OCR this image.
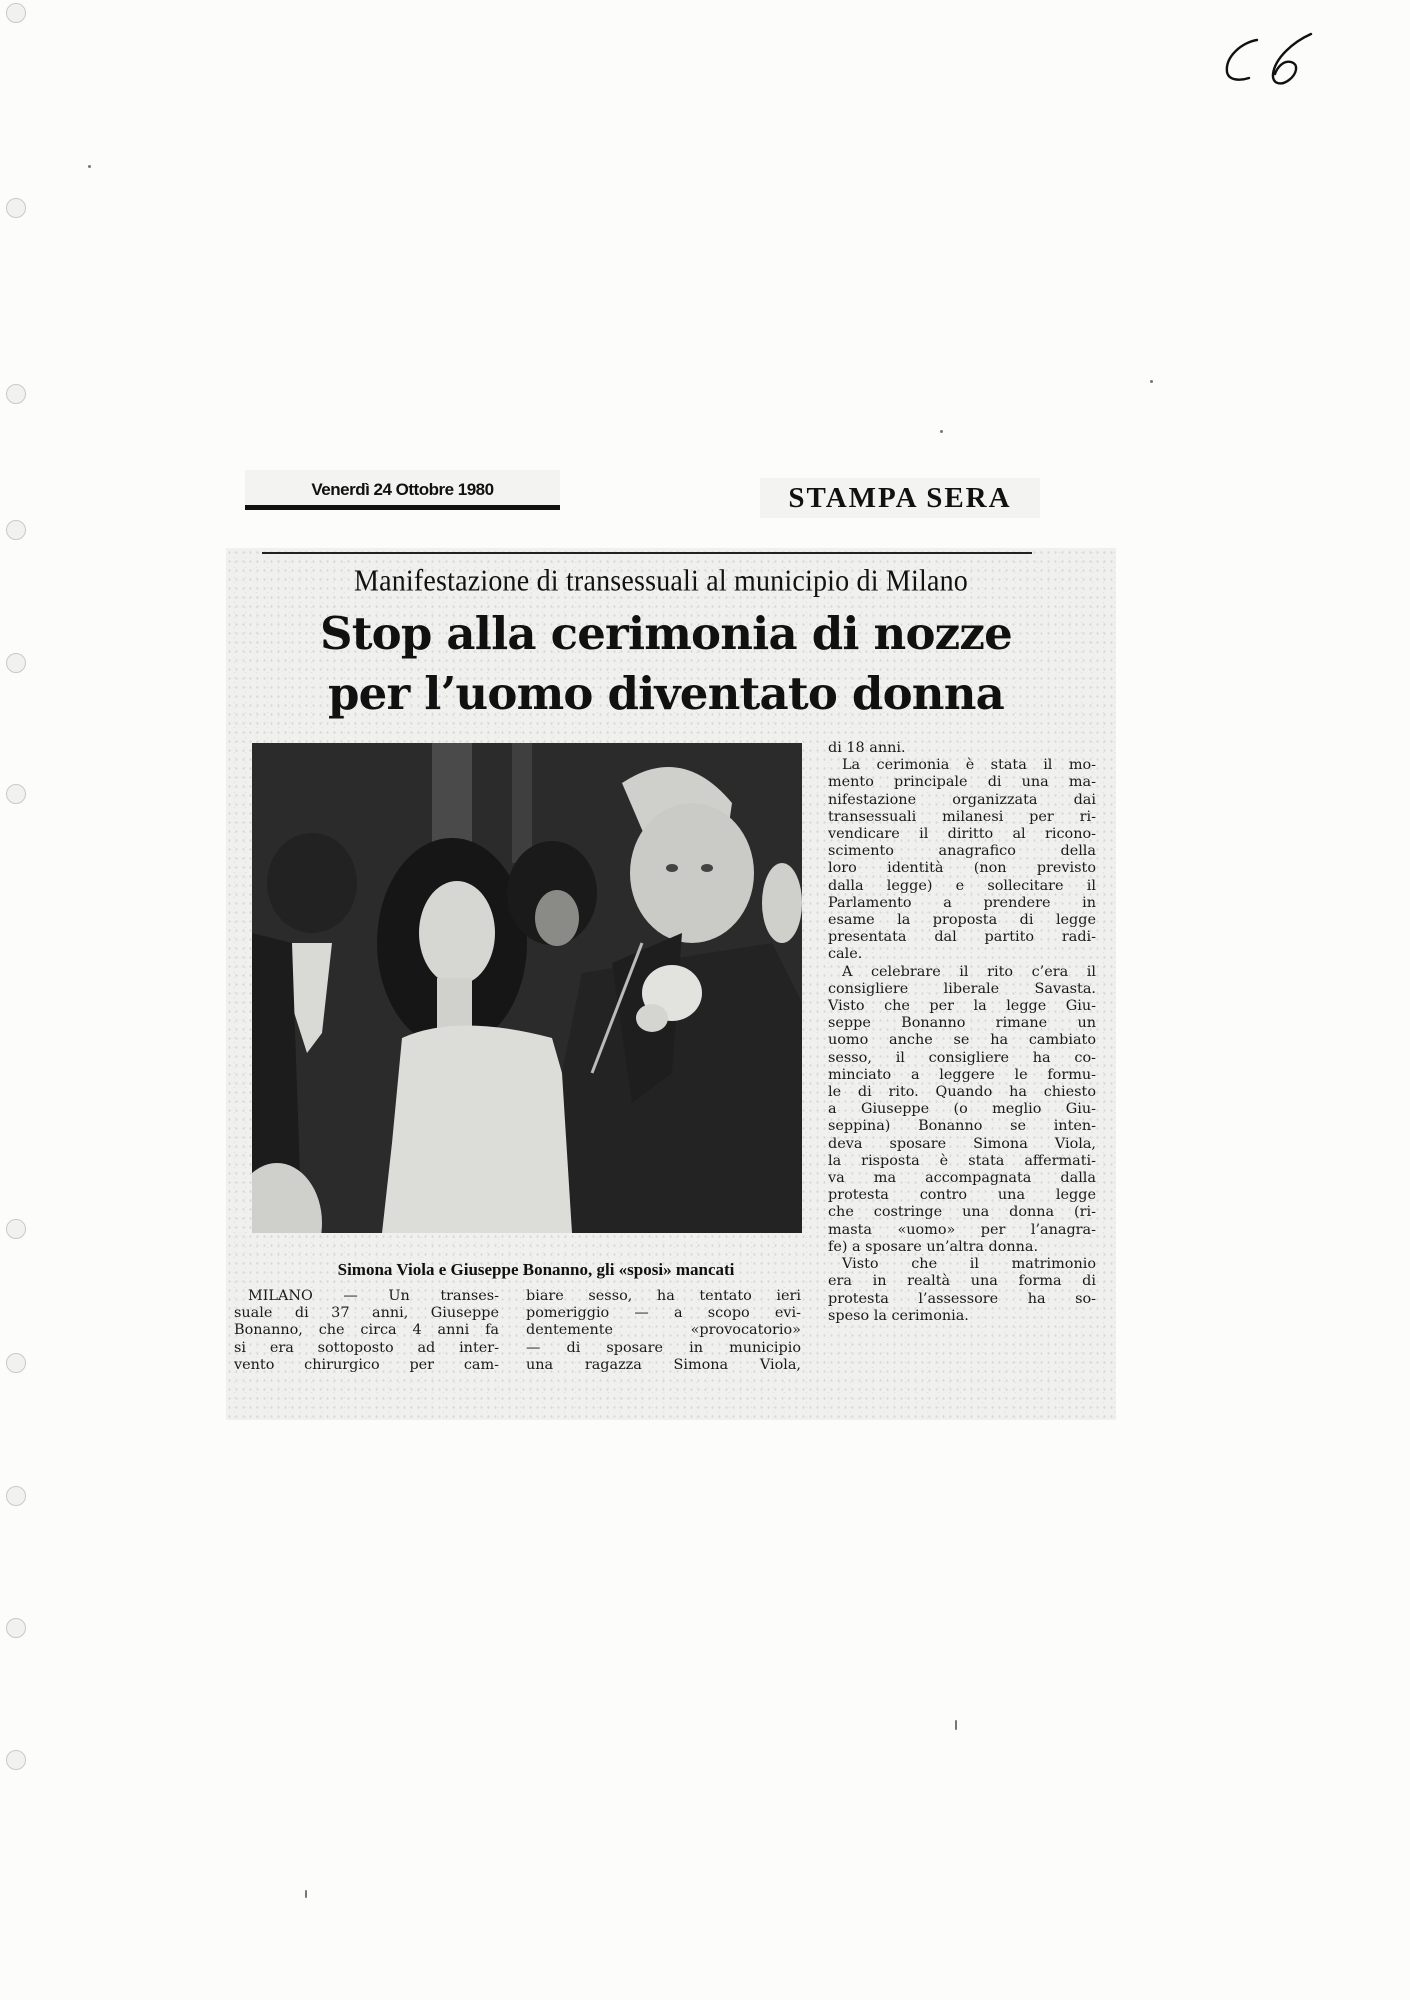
Venerdì 24 Ottobre 1980	STAMPA SERA
Manifestazione di transessuali al municipio di Milano
Stop alla cerimonia di nozze
per l’uomo diventato donna
Simona Viola e Giuseppe Bonanno, gli «sposi» mancati
MILANO — Un transes-
suale di 37 anni, Giuseppe
Bonanno, che circa 4 anni fa
si era sottoposto ad inter-
vento chirurgico per cam-
biare sesso, ha tentato ieri
pomeriggio — a scopo evi-
dentemente «provocatorio»
— di sposare in municipio
una ragazza Simona Viola,
di 18 anni.
La cerimonia è stata il mo-
mento principale di una ma-
nifestazione organizzata dai
transessuali milanesi per ri-
vendicare il diritto al ricono-
scimento anagrafico della
loro identità (non previsto
dalla legge) e sollecitare il
Parlamento a prendere in
esame la proposta di legge
presentata dal partito radi-
cale.
A celebrare il rito c’era il
consigliere liberale Savasta.
Visto che per la legge Giu-
seppe Bonanno rimane un
uomo anche se ha cambiato
sesso, il consigliere ha co-
minciato a leggere le formu-
le di rito. Quando ha chiesto
a Giuseppe (o meglio Giu-
seppina) Bonanno se inten-
deva sposare Simona Viola,
la risposta è stata affermati-
va ma accompagnata dalla
protesta contro una legge
che costringe una donna (ri-
masta «uomo» per l’anagra-
fe) a sposare un’altra donna.
Visto che il matrimonio
era in realtà una forma di
protesta l’assessore ha so-
speso la cerimonia.
